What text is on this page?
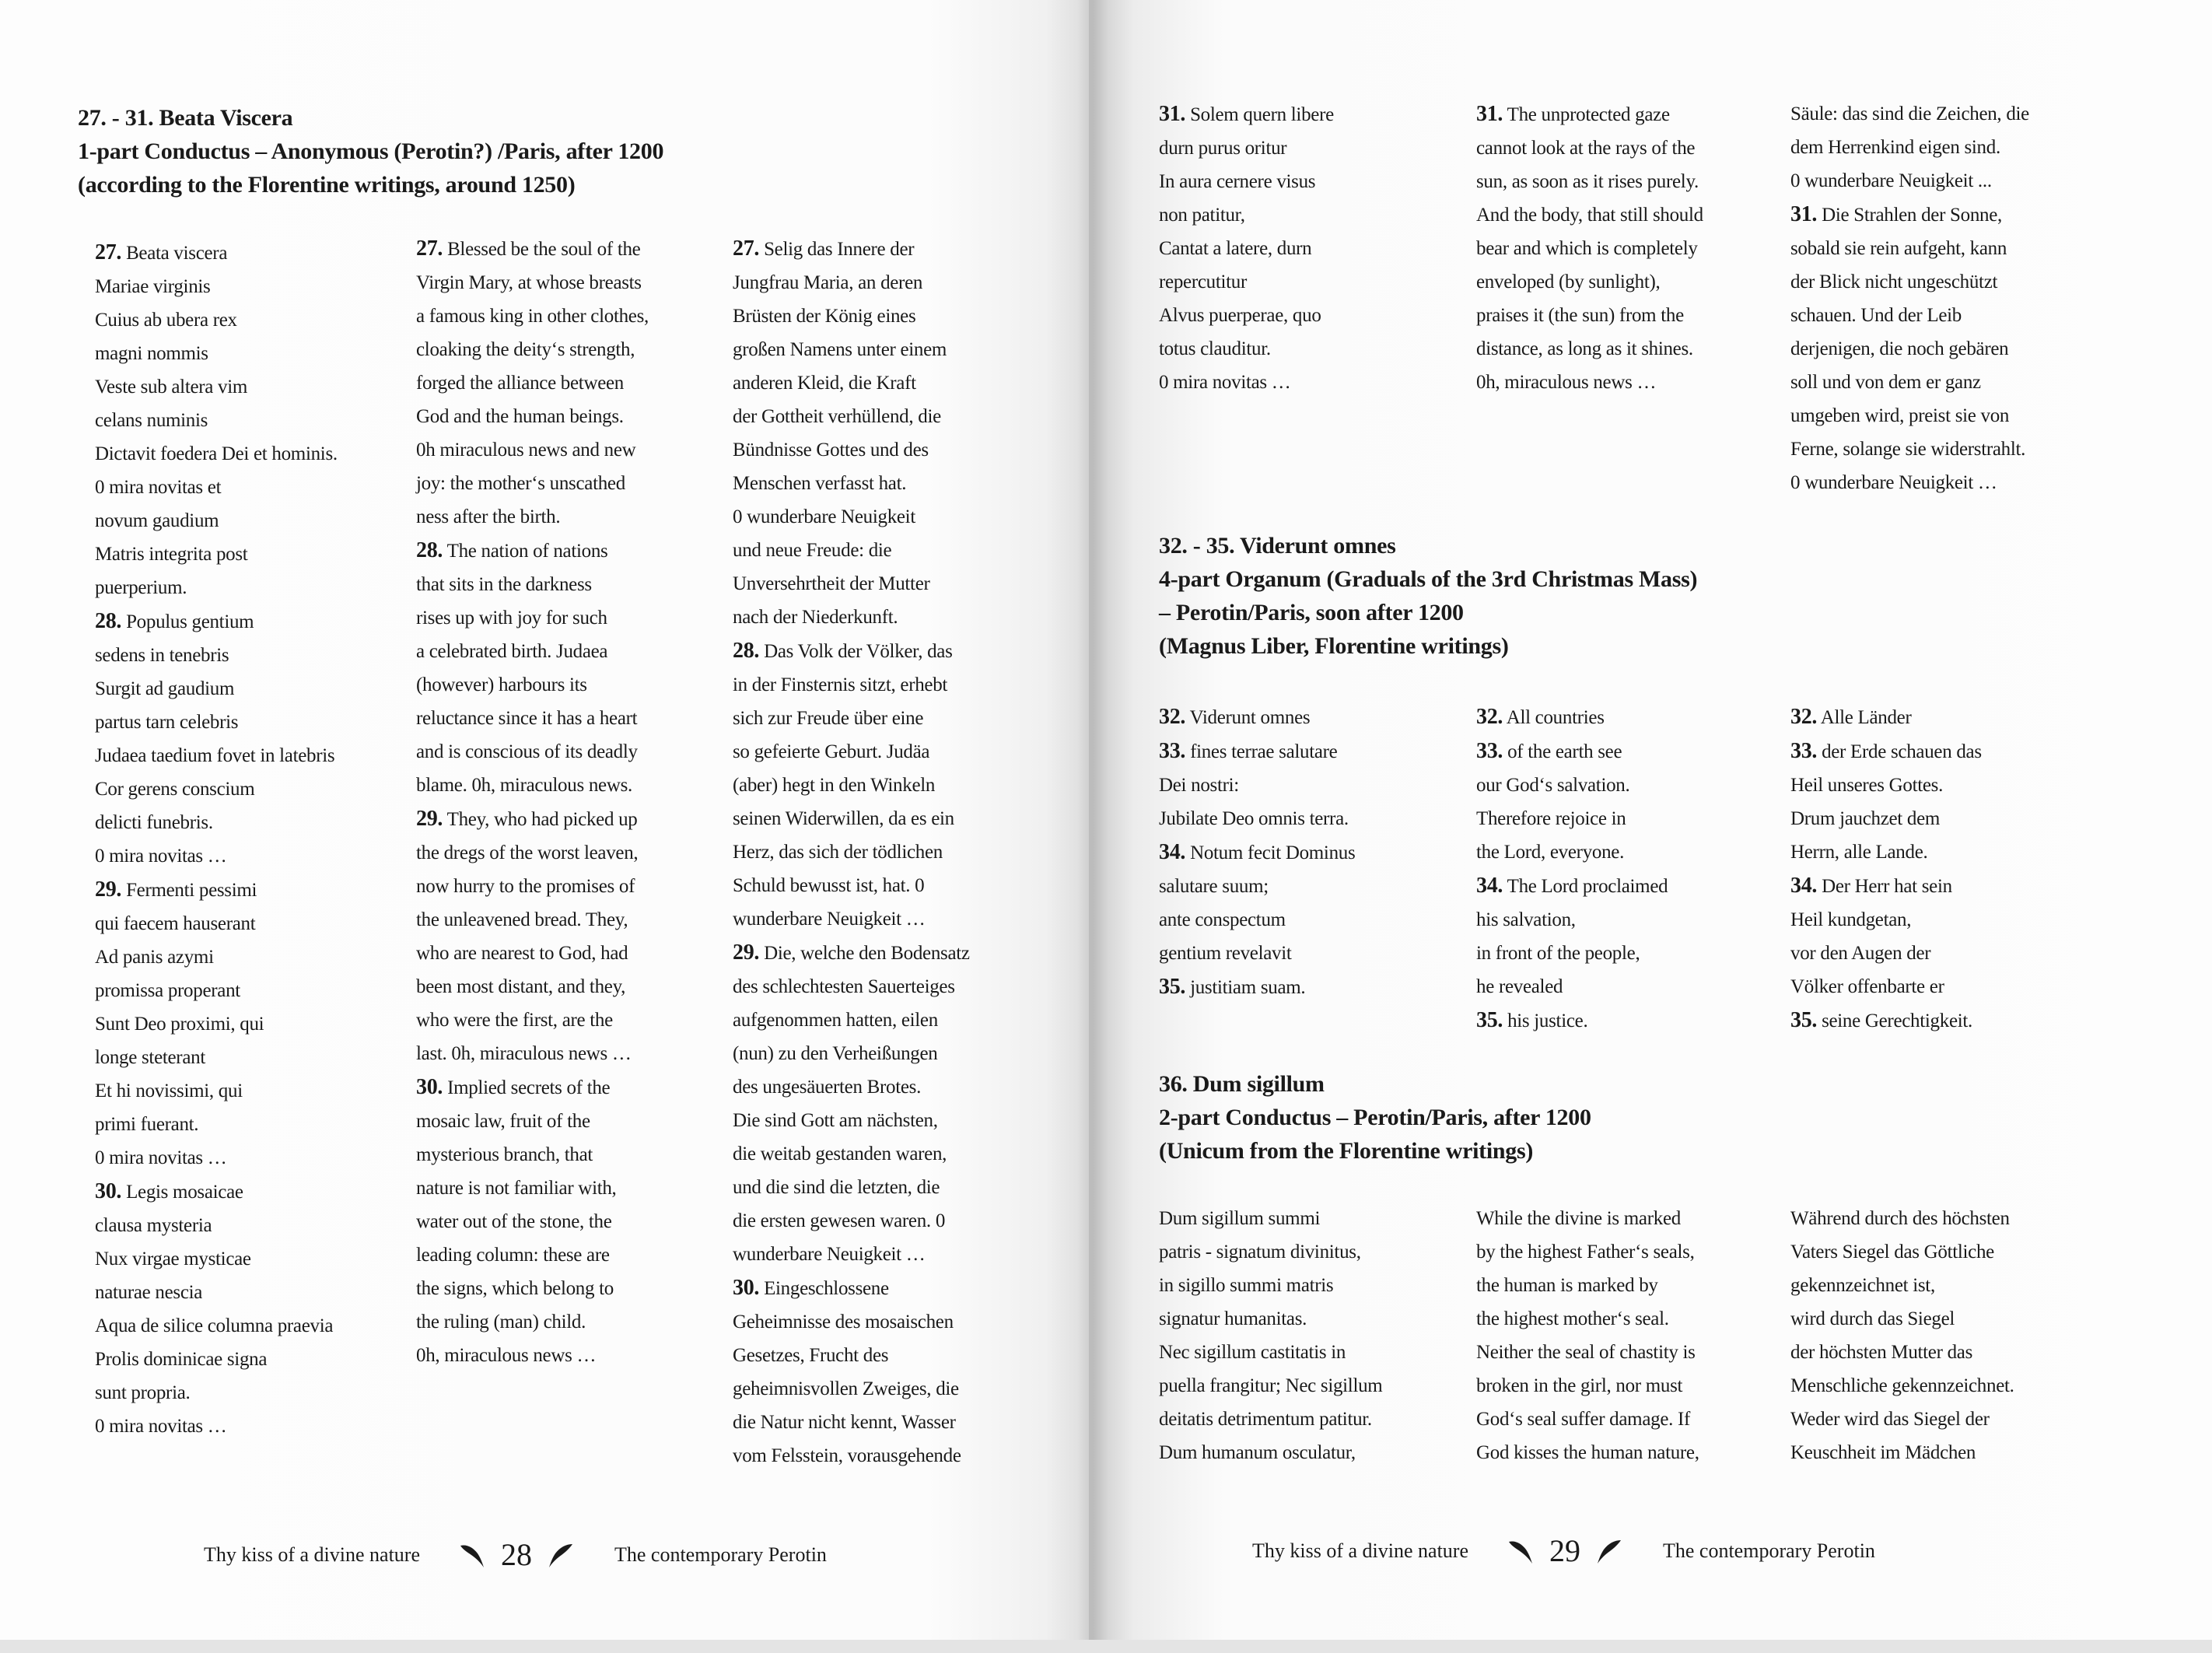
27. - 31. Beata Viscera
1-part Conductus – Anonymous (Perotin?) /Paris, after 1200
(according to the Florentine writings, around 1250)
27. Beata viscera
Mariae virginis
Cuius ab ubera rex
magni nommis
Veste sub altera vim
celans numinis
Dictavit foedera Dei et hominis.
0 mira novitas et
novum gaudium
Matris integrita post
puerperium.
28. Populus gentium
sedens in tenebris
Surgit ad gaudium
partus tarn celebris
Judaea taedium fovet in latebris
Cor gerens conscium
delicti funebris.
0 mira novitas …
29. Fermenti pessimi
qui faecem hauserant
Ad panis azymi
promissa properant
Sunt Deo proximi, qui
longe steterant
Et hi novissimi, qui
primi fuerant.
0 mira novitas …
30. Legis mosaicae
clausa mysteria
Nux virgae mysticae
naturae nescia
Aqua de silice columna praevia
Prolis dominicae signa
sunt propria.
0 mira novitas …
27. Blessed be the soul of the
Virgin Mary, at whose breasts
a famous king in other clothes,
cloaking the deity‘s strength,
forged the alliance between
God and the human beings.
0h miraculous news and new
joy: the mother‘s unscathed
ness after the birth.
28. The nation of nations
that sits in the darkness
rises up with joy for such
a celebrated birth. Judaea
(however) harbours its
reluctance since it has a heart
and is conscious of its deadly
blame. 0h, miraculous news.
29. They, who had picked up
the dregs of the worst leaven,
now hurry to the promises of
the unleavened bread. They,
who are nearest to God, had
been most distant, and they,
who were the first, are the
last. 0h, miraculous news …
30. Implied secrets of the
mosaic law, fruit of the
mysterious branch, that
nature is not familiar with,
water out of the stone, the
leading column: these are
the signs, which belong to
the ruling (man) child.
0h, miraculous news …
27. Selig das Innere der
Jungfrau Maria, an deren
Brüsten der König eines
großen Namens unter einem
anderen Kleid, die Kraft
der Gottheit verhüllend, die
Bündnisse Gottes und des
Menschen verfasst hat.
0 wunderbare Neuigkeit
und neue Freude: die
Unversehrtheit der Mutter
nach der Niederkunft.
28. Das Volk der Völker, das
in der Finsternis sitzt, erhebt
sich zur Freude über eine
so gefeierte Geburt. Judäa
(aber) hegt in den Winkeln
seinen Widerwillen, da es ein
Herz, das sich der tödlichen
Schuld bewusst ist, hat. 0
wunderbare Neuigkeit …
29. Die, welche den Bodensatz
des schlechtesten Sauerteiges
aufgenommen hatten, eilen
(nun) zu den Verheißungen
des ungesäuerten Brotes.
Die sind Gott am nächsten,
die weitab gestanden waren,
und die sind die letzten, die
die ersten gewesen waren. 0
wunderbare Neuigkeit …
30. Eingeschlossene
Geheimnisse des mosaischen
Gesetzes, Frucht des
geheimnisvollen Zweiges, die
die Natur nicht kennt, Wasser
vom Felsstein, vorausgehende
Thy kiss of a divine nature	28	The contemporary Perotin
31. Solem quern libere
durn purus oritur
In aura cernere visus
non patitur,
Cantat a latere, durn
repercutitur
Alvus puerperae, quo
totus clauditur.
0 mira novitas …
31. The unprotected gaze
cannot look at the rays of the
sun, as soon as it rises purely.
And the body, that still should
bear and which is completely
enveloped (by sunlight),
praises it (the sun) from the
distance, as long as it shines.
0h, miraculous news …
Säule: das sind die Zeichen, die
dem Herrenkind eigen sind.
0 wunderbare Neuigkeit ...
31. Die Strahlen der Sonne,
sobald sie rein aufgeht, kann
der Blick nicht ungeschützt
schauen. Und der Leib
derjenigen, die noch gebären
soll und von dem er ganz
umgeben wird, preist sie von
Ferne, solange sie widerstrahlt.
0 wunderbare Neuigkeit …
32. - 35. Viderunt omnes
4-part Organum (Graduals of the 3rd Christmas Mass)
– Perotin/Paris, soon after 1200
(Magnus Liber, Florentine writings)
32. Viderunt omnes
33. fines terrae salutare
Dei nostri:
Jubilate Deo omnis terra.
34. Notum fecit Dominus
salutare suum;
ante conspectum
gentium revelavit
35. justitiam suam.
32. All countries
33. of the earth see
our God‘s salvation.
Therefore rejoice in
the Lord, everyone.
34. The Lord proclaimed
his salvation,
in front of the people,
he revealed
35. his justice.
32. Alle Länder
33. der Erde schauen das
Heil unseres Gottes.
Drum jauchzet dem
Herrn, alle Lande.
34. Der Herr hat sein
Heil kundgetan,
vor den Augen der
Völker offenbarte er
35. seine Gerechtigkeit.
36. Dum sigillum
2-part Conductus – Perotin/Paris, after 1200
(Unicum from the Florentine writings)
Dum sigillum summi
patris - signatum divinitus,
in sigillo summi matris
signatur humanitas.
Nec sigillum castitatis in
puella frangitur; Nec sigillum
deitatis detrimentum patitur.
Dum humanum osculatur,
While the divine is marked
by the highest Father‘s seals,
the human is marked by
the highest mother‘s seal.
Neither the seal of chastity is
broken in the girl, nor must
God‘s seal suffer damage. If
God kisses the human nature,
Während durch des höchsten
Vaters Siegel das Göttliche
gekennzeichnet ist,
wird durch das Siegel
der höchsten Mutter das
Menschliche gekennzeichnet.
Weder wird das Siegel der
Keuschheit im Mädchen
Thy kiss of a divine nature	29	The contemporary Perotin
